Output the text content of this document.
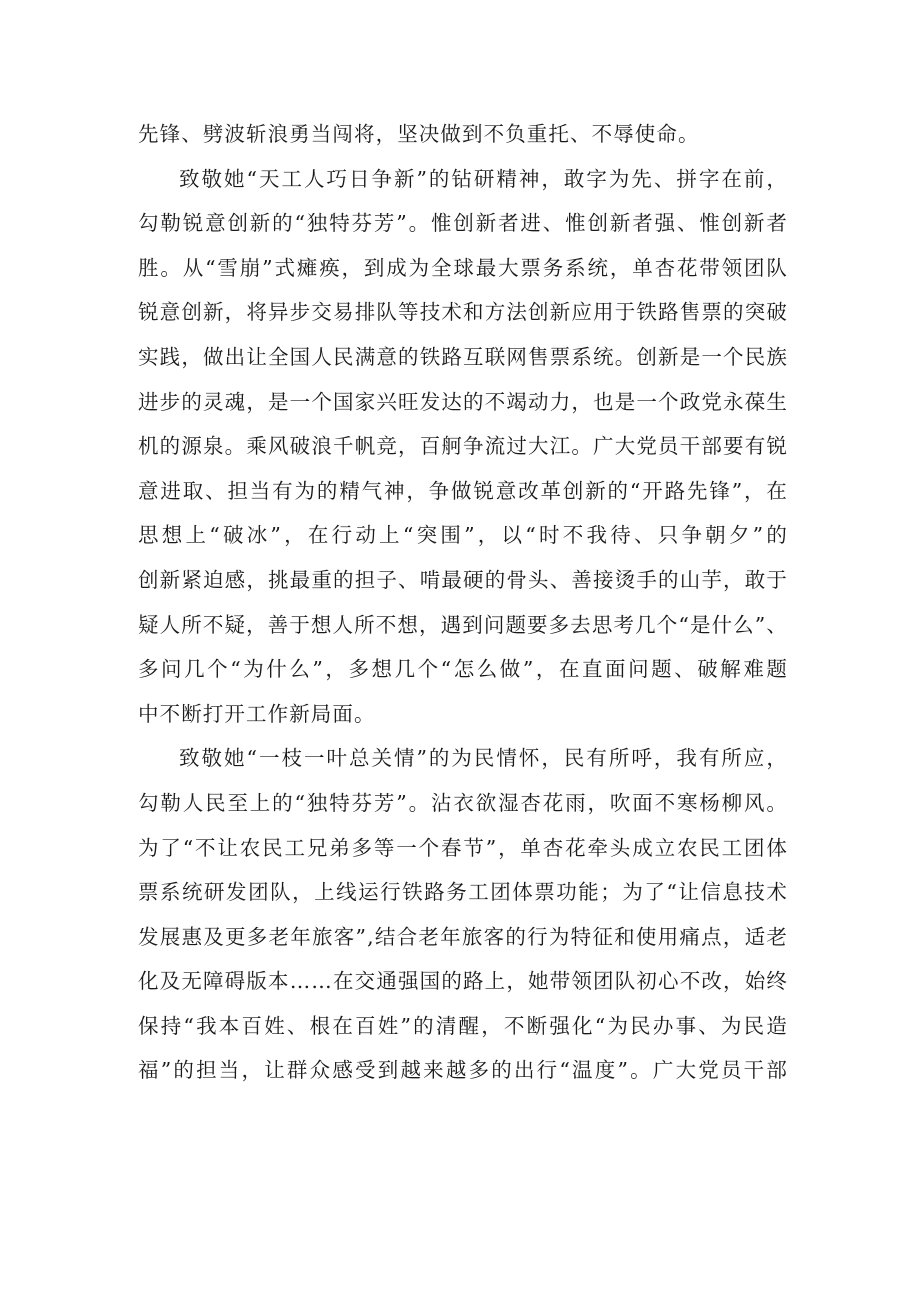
先锋、劈波斩浪勇当闯将，坚决做到不负重托、不辱使命。

致敬她“天工人巧日争新”的钻研精神，敢字为先、拼字在前，
勾勒锐意创新的“独特芬芳”。惟创新者进、惟创新者强、惟创新者
胜。从“雪崩”式瘫痪，到成为全球最大票务系统，单杏花带领团队
锐意创新，将异步交易排队等技术和方法创新应用于铁路售票的突破
实践，做出让全国人民满意的铁路互联网售票系统。创新是一个民族
进步的灵魂，是一个国家兴旺发达的不竭动力，也是一个政党永葆生
机的源泉。乘风破浪千帆竞，百舸争流过大江。广大党员干部要有锐
意进取、担当有为的精气神，争做锐意改革创新的“开路先锋”，在
思想上“破冰”，在行动上“突围”，以“时不我待、只争朝夕”的
创新紧迫感，挑最重的担子、啃最硬的骨头、善接烫手的山芋，敢于
疑人所不疑，善于想人所不想，遇到问题要多去思考几个“是什么”、
多问几个“为什么”，多想几个“怎么做”，在直面问题、破解难题
中不断打开工作新局面。

致敬她“一枝一叶总关情”的为民情怀，民有所呼，我有所应，
勾勒人民至上的“独特芬芳”。沾衣欲湿杏花雨，吹面不寒杨柳风。
为了“不让农民工兄弟多等一个春节”，单杏花牵头成立农民工团体
票系统研发团队，上线运行铁路务工团体票功能；为了“让信息技术
发展惠及更多老年旅客”,结合老年旅客的行为特征和使用痛点，适老
化及无障碍版本……在交通强国的路上，她带领团队初心不改，始终
保持“我本百姓、根在百姓”的清醒，不断强化“为民办事、为民造
福”的担当，让群众感受到越来越多的出行“温度”。广大党员干部
